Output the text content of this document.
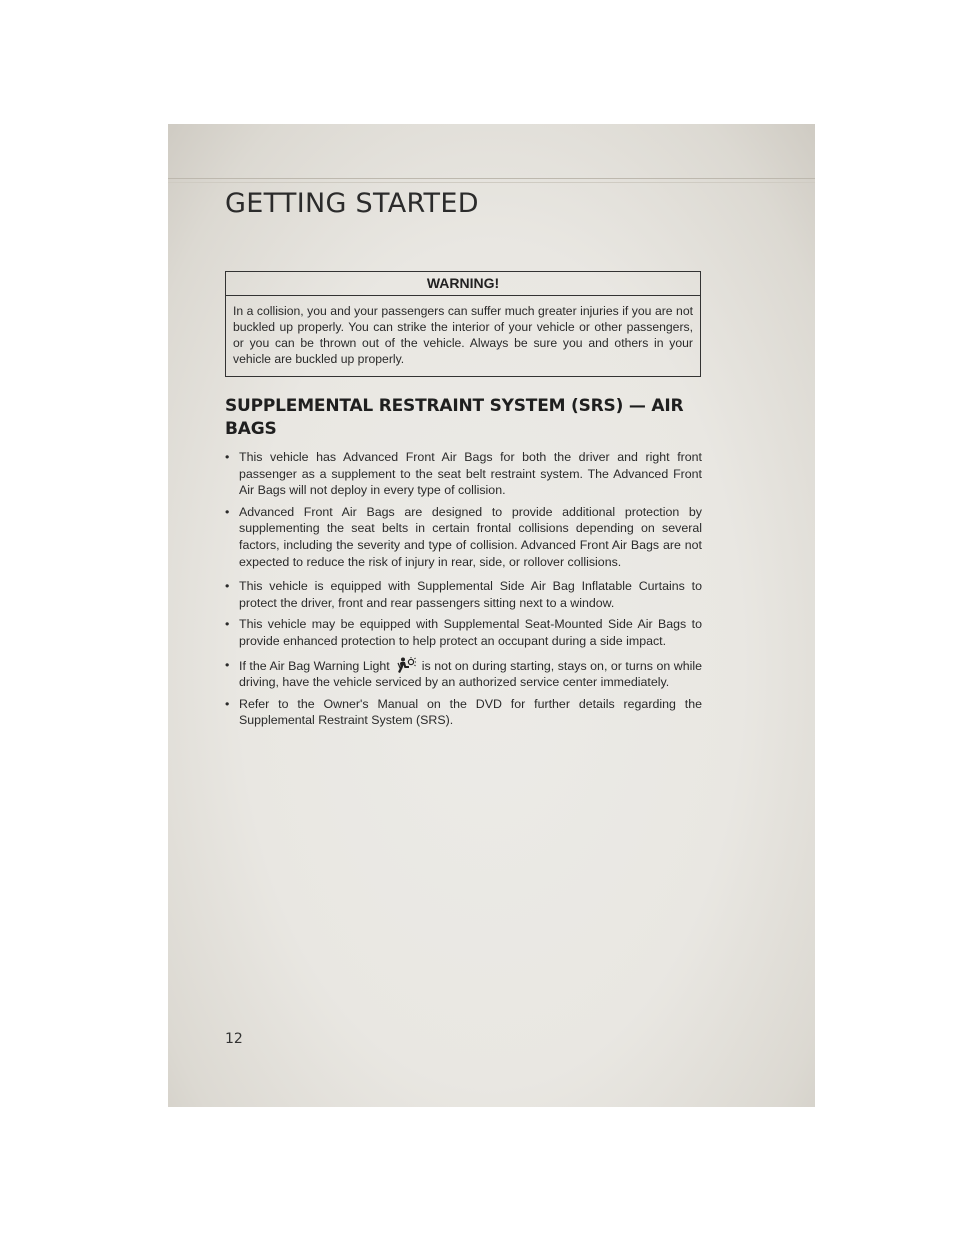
GETTING STARTED
WARNING!
In a collision, you and your passengers can suffer much greater injuries if you are not buckled up properly. You can strike the interior of your vehicle or other passengers, or you can be thrown out of the vehicle. Always be sure you and others in your vehicle are buckled up properly.
SUPPLEMENTAL RESTRAINT SYSTEM (SRS) — AIR BAGS
• This vehicle has Advanced Front Air Bags for both the driver and right front passenger as a supplement to the seat belt restraint system. The Advanced Front Air Bags will not deploy in every type of collision.
• Advanced Front Air Bags are designed to provide additional protection by supplementing the seat belts in certain frontal collisions depending on several factors, including the severity and type of collision. Advanced Front Air Bags are not expected to reduce the risk of injury in rear, side, or rollover collisions.
• This vehicle is equipped with Supplemental Side Air Bag Inflatable Curtains to protect the driver, front and rear passengers sitting next to a window.
• This vehicle may be equipped with Supplemental Seat-Mounted Side Air Bags to provide enhanced protection to help protect an occupant during a side impact.
• If the Air Bag Warning Light	is not on during starting, stays on, or turns on while driving, have the vehicle serviced by an authorized service center immediately.
• Refer to the Owner's Manual on the DVD for further details regarding the Supplemental Restraint System (SRS).
12
